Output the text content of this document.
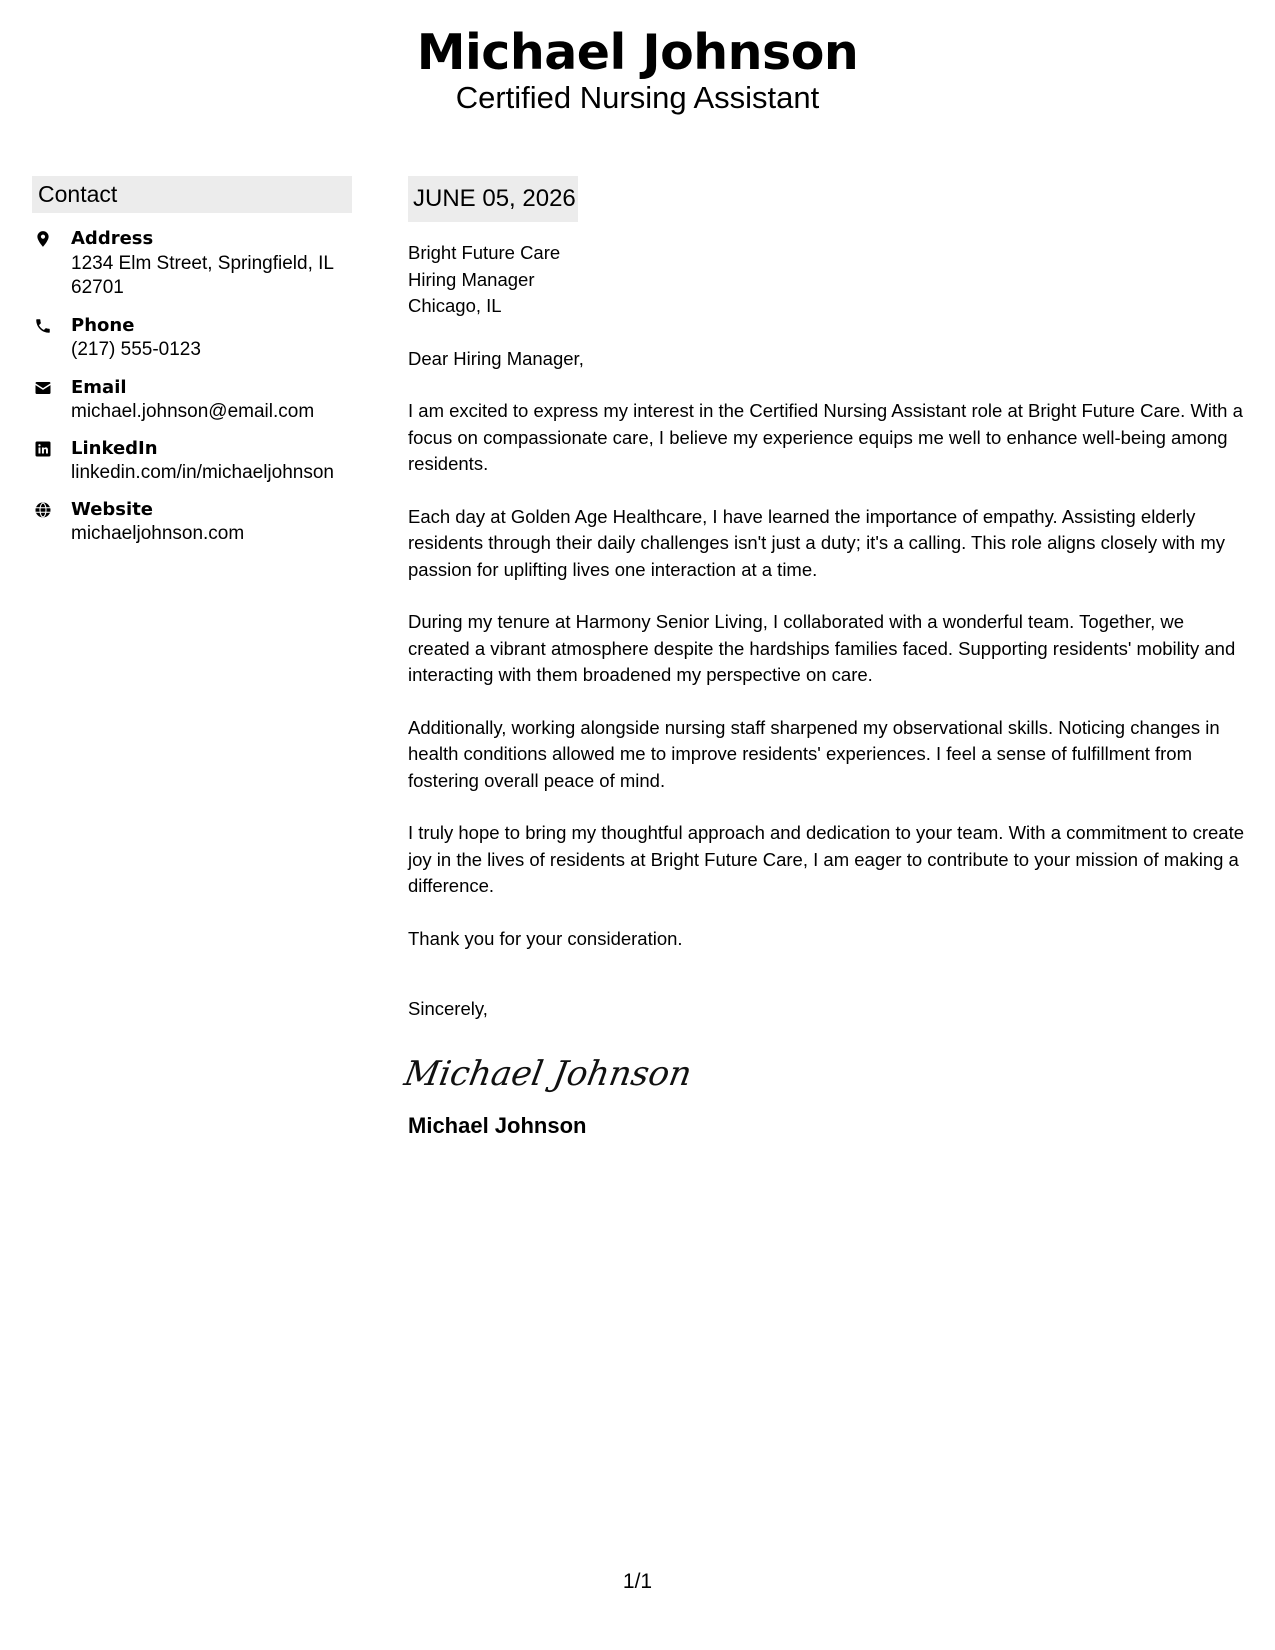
Michael Johnson
Certified Nursing Assistant
Contact
Address
1234 Elm Street, Springfield, IL 62701
Phone
(217) 555-0123
Email
michael.johnson@email.com
LinkedIn
linkedin.com/in/michaeljohnson
Website
michaeljohnson.com
JUNE 05, 2026
Bright Future Care
Hiring Manager
Chicago, IL
Dear Hiring Manager,
I am excited to express my interest in the Certified Nursing Assistant role at Bright Future Care. With a focus on compassionate care, I believe my experience equips me well to enhance well-being among residents.
Each day at Golden Age Healthcare, I have learned the importance of empathy. Assisting elderly residents through their daily challenges isn't just a duty; it's a calling. This role aligns closely with my passion for uplifting lives one interaction at a time.
During my tenure at Harmony Senior Living, I collaborated with a wonderful team. Together, we created a vibrant atmosphere despite the hardships families faced. Supporting residents' mobility and interacting with them broadened my perspective on care.
Additionally, working alongside nursing staff sharpened my observational skills. Noticing changes in health conditions allowed me to improve residents' experiences. I feel a sense of fulfillment from fostering overall peace of mind.
I truly hope to bring my thoughtful approach and dedication to your team. With a commitment to create joy in the lives of residents at Bright Future Care, I am eager to contribute to your mission of making a difference.
Thank you for your consideration.
Sincerely,
Michael Johnson
Michael Johnson
1/1
